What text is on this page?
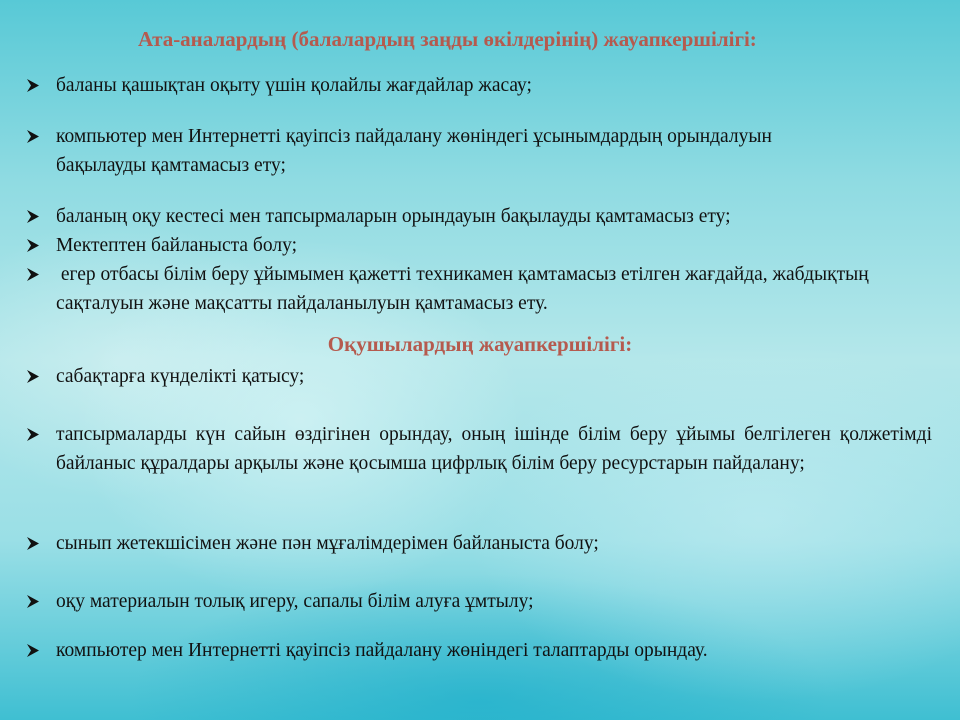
Ата-аналардың (балалардың заңды өкілдерінің) жауапкершілігі:
баланы қашықтан оқыту үшін қолайлы жағдайлар жасау;
компьютер мен Интернетті қауіпсіз пайдалану жөніндегі ұсынымдардың орындалуын бақылауды қамтамасыз ету;
баланың оқу кестесі мен тапсырмаларын орындауын бақылауды қамтамасыз ету;
Мектептен байланыста болу;
егер отбасы білім беру ұйымымен қажетті техникамен қамтамасыз етілген жағдайда, жабдықтың сақталуын және мақсатты пайдаланылуын қамтамасыз ету.
Оқушылардың жауапкершілігі:
сабақтарға күнделікті қатысу;
тапсырмаларды күн сайын өздігінен орындау, оның ішінде білім беру ұйымы белгілеген қолжетімді байланыс құралдары арқылы және қосымша цифрлық білім беру ресурстарын пайдалану;
сынып жетекшісімен және пән мұғалімдерімен байланыста болу;
оқу материалын толық игеру, сапалы білім алуға ұмтылу;
компьютер мен Интернетті қауіпсіз пайдалану жөніндегі талаптарды орындау.
